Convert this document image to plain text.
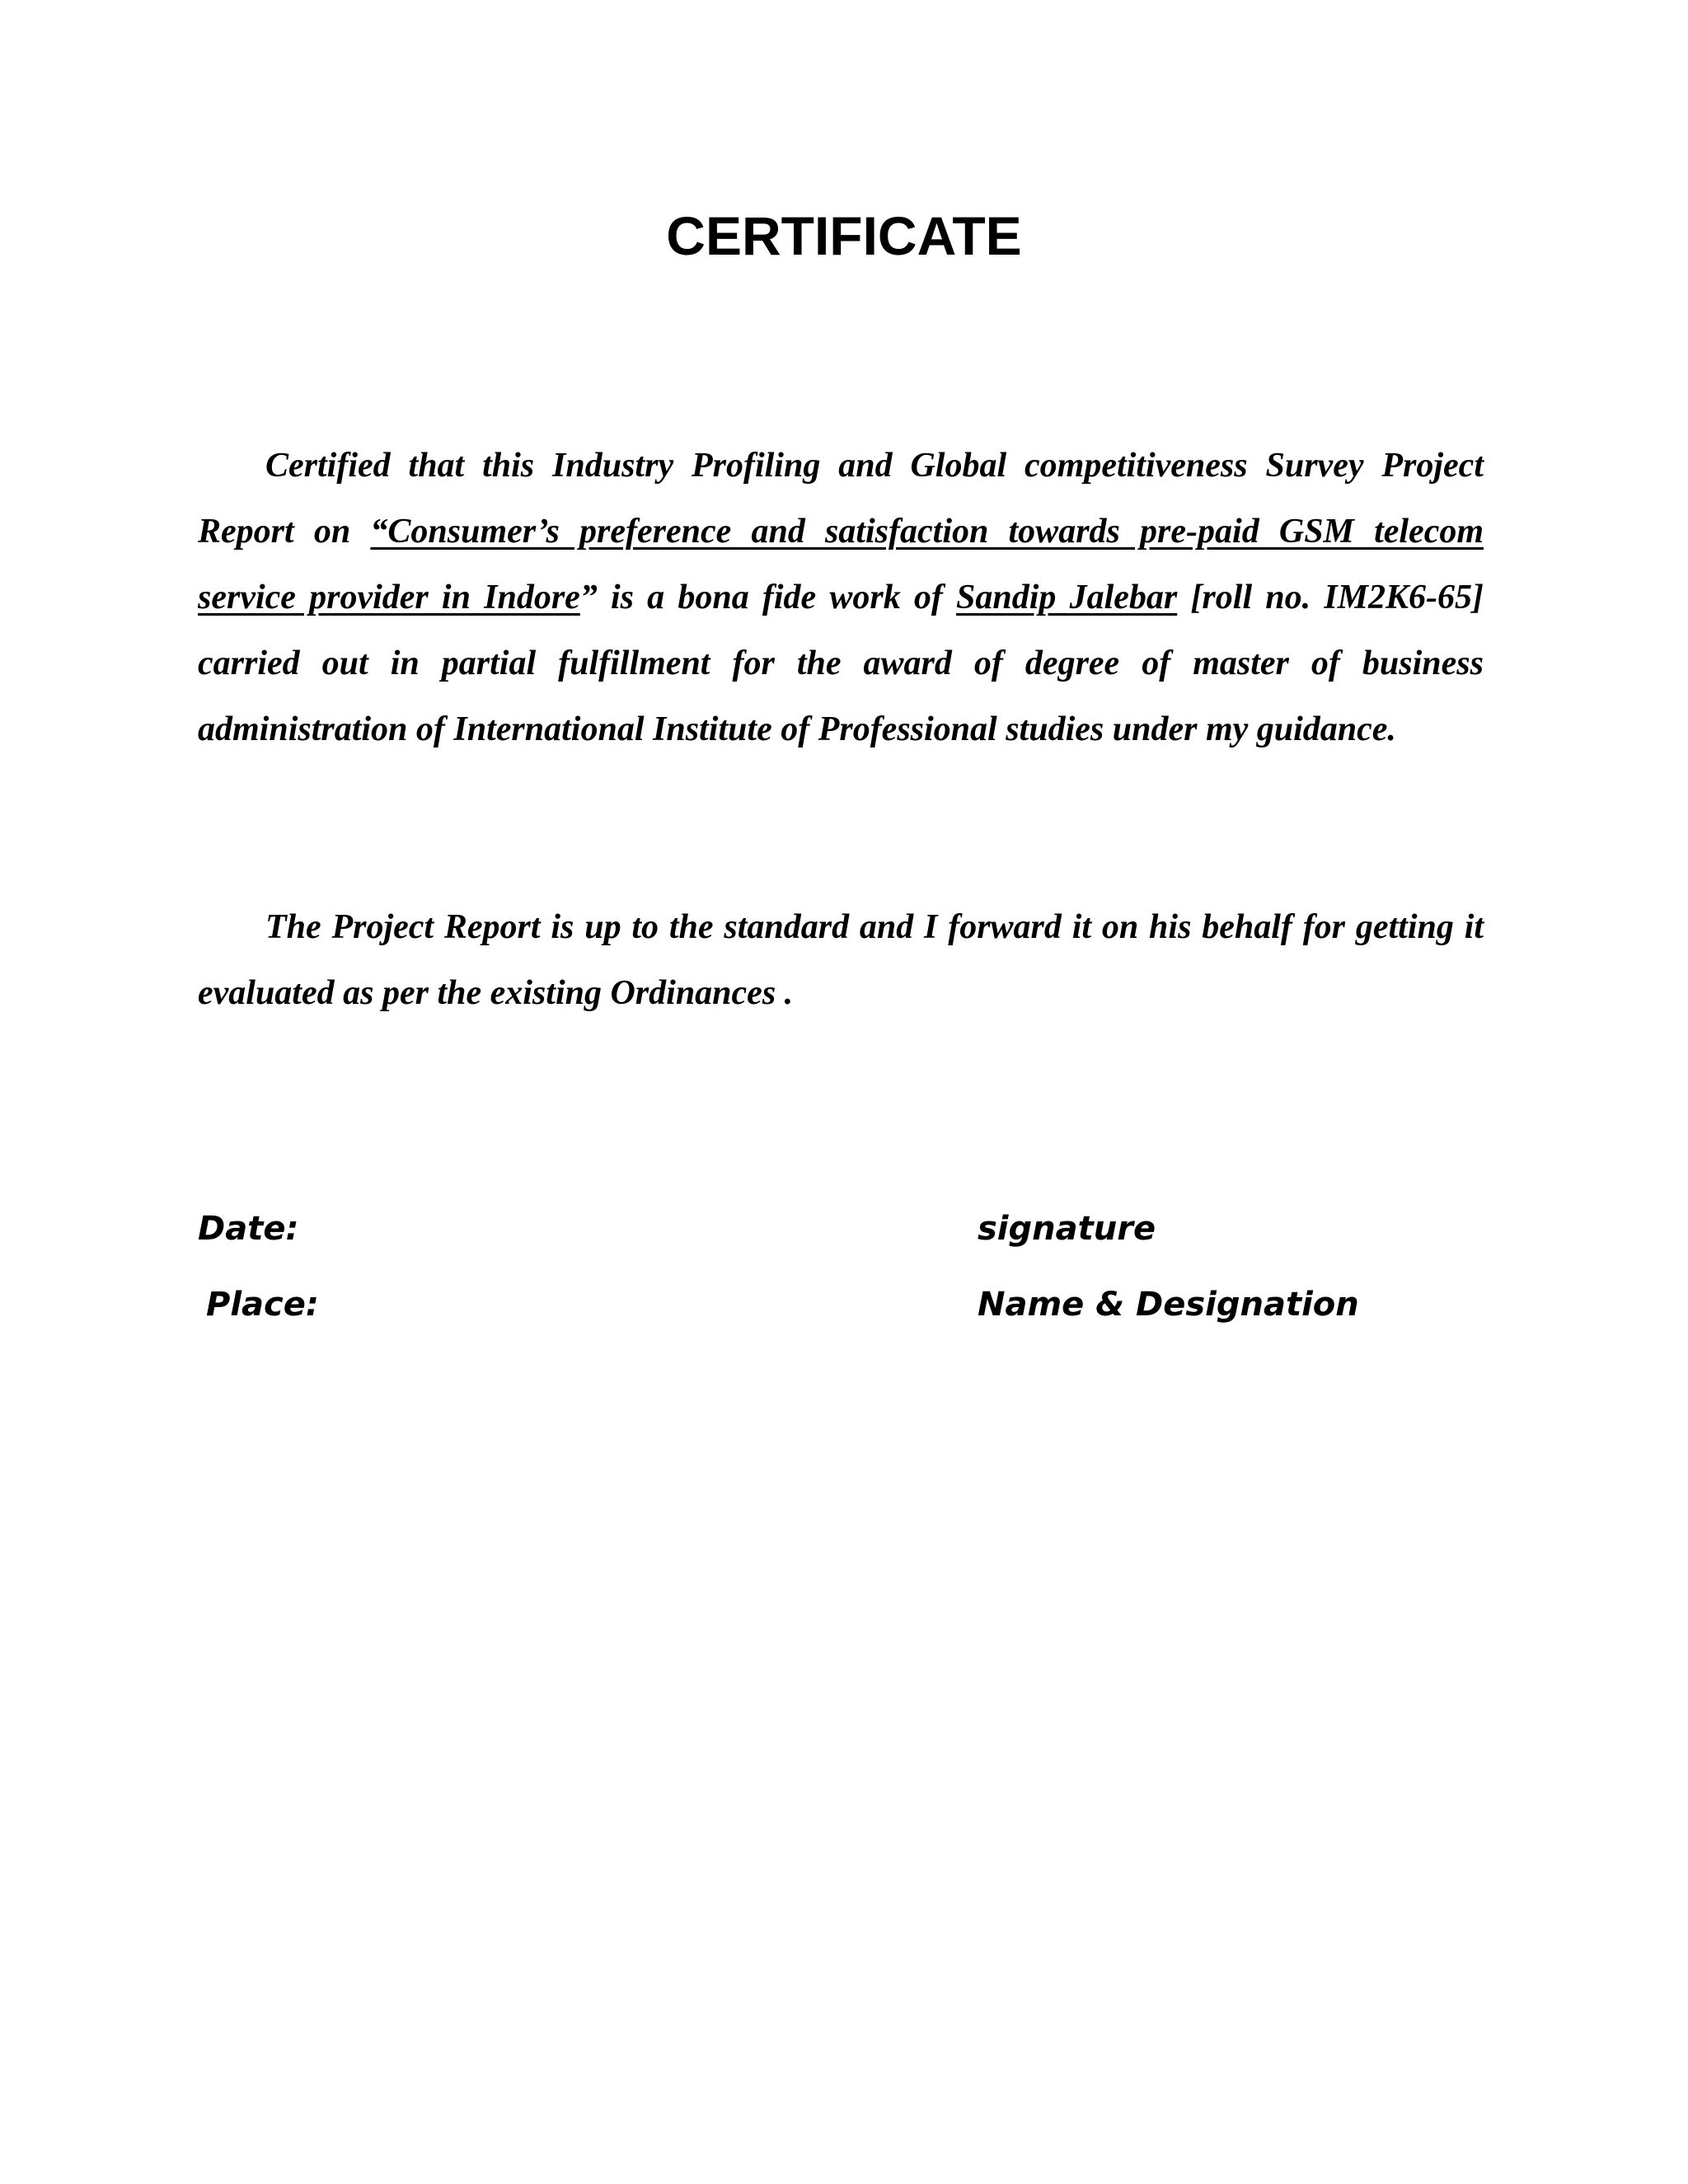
CERTIFICATE

Certified that this Industry Profiling and Global competitiveness Survey Project Report on “Consumer’s preference and satisfaction towards pre-paid GSM telecom service provider in Indore” is a bona fide work of Sandip Jalebar [roll no. IM2K6-65] carried out in partial fulfillment for the award of degree of master of business administration of International Institute of Professional studies under my guidance.

The Project Report is up to the standard and I forward it on his behalf for getting it evaluated as per the existing Ordinances .

Date:

Place:

signature

Name & Designation
